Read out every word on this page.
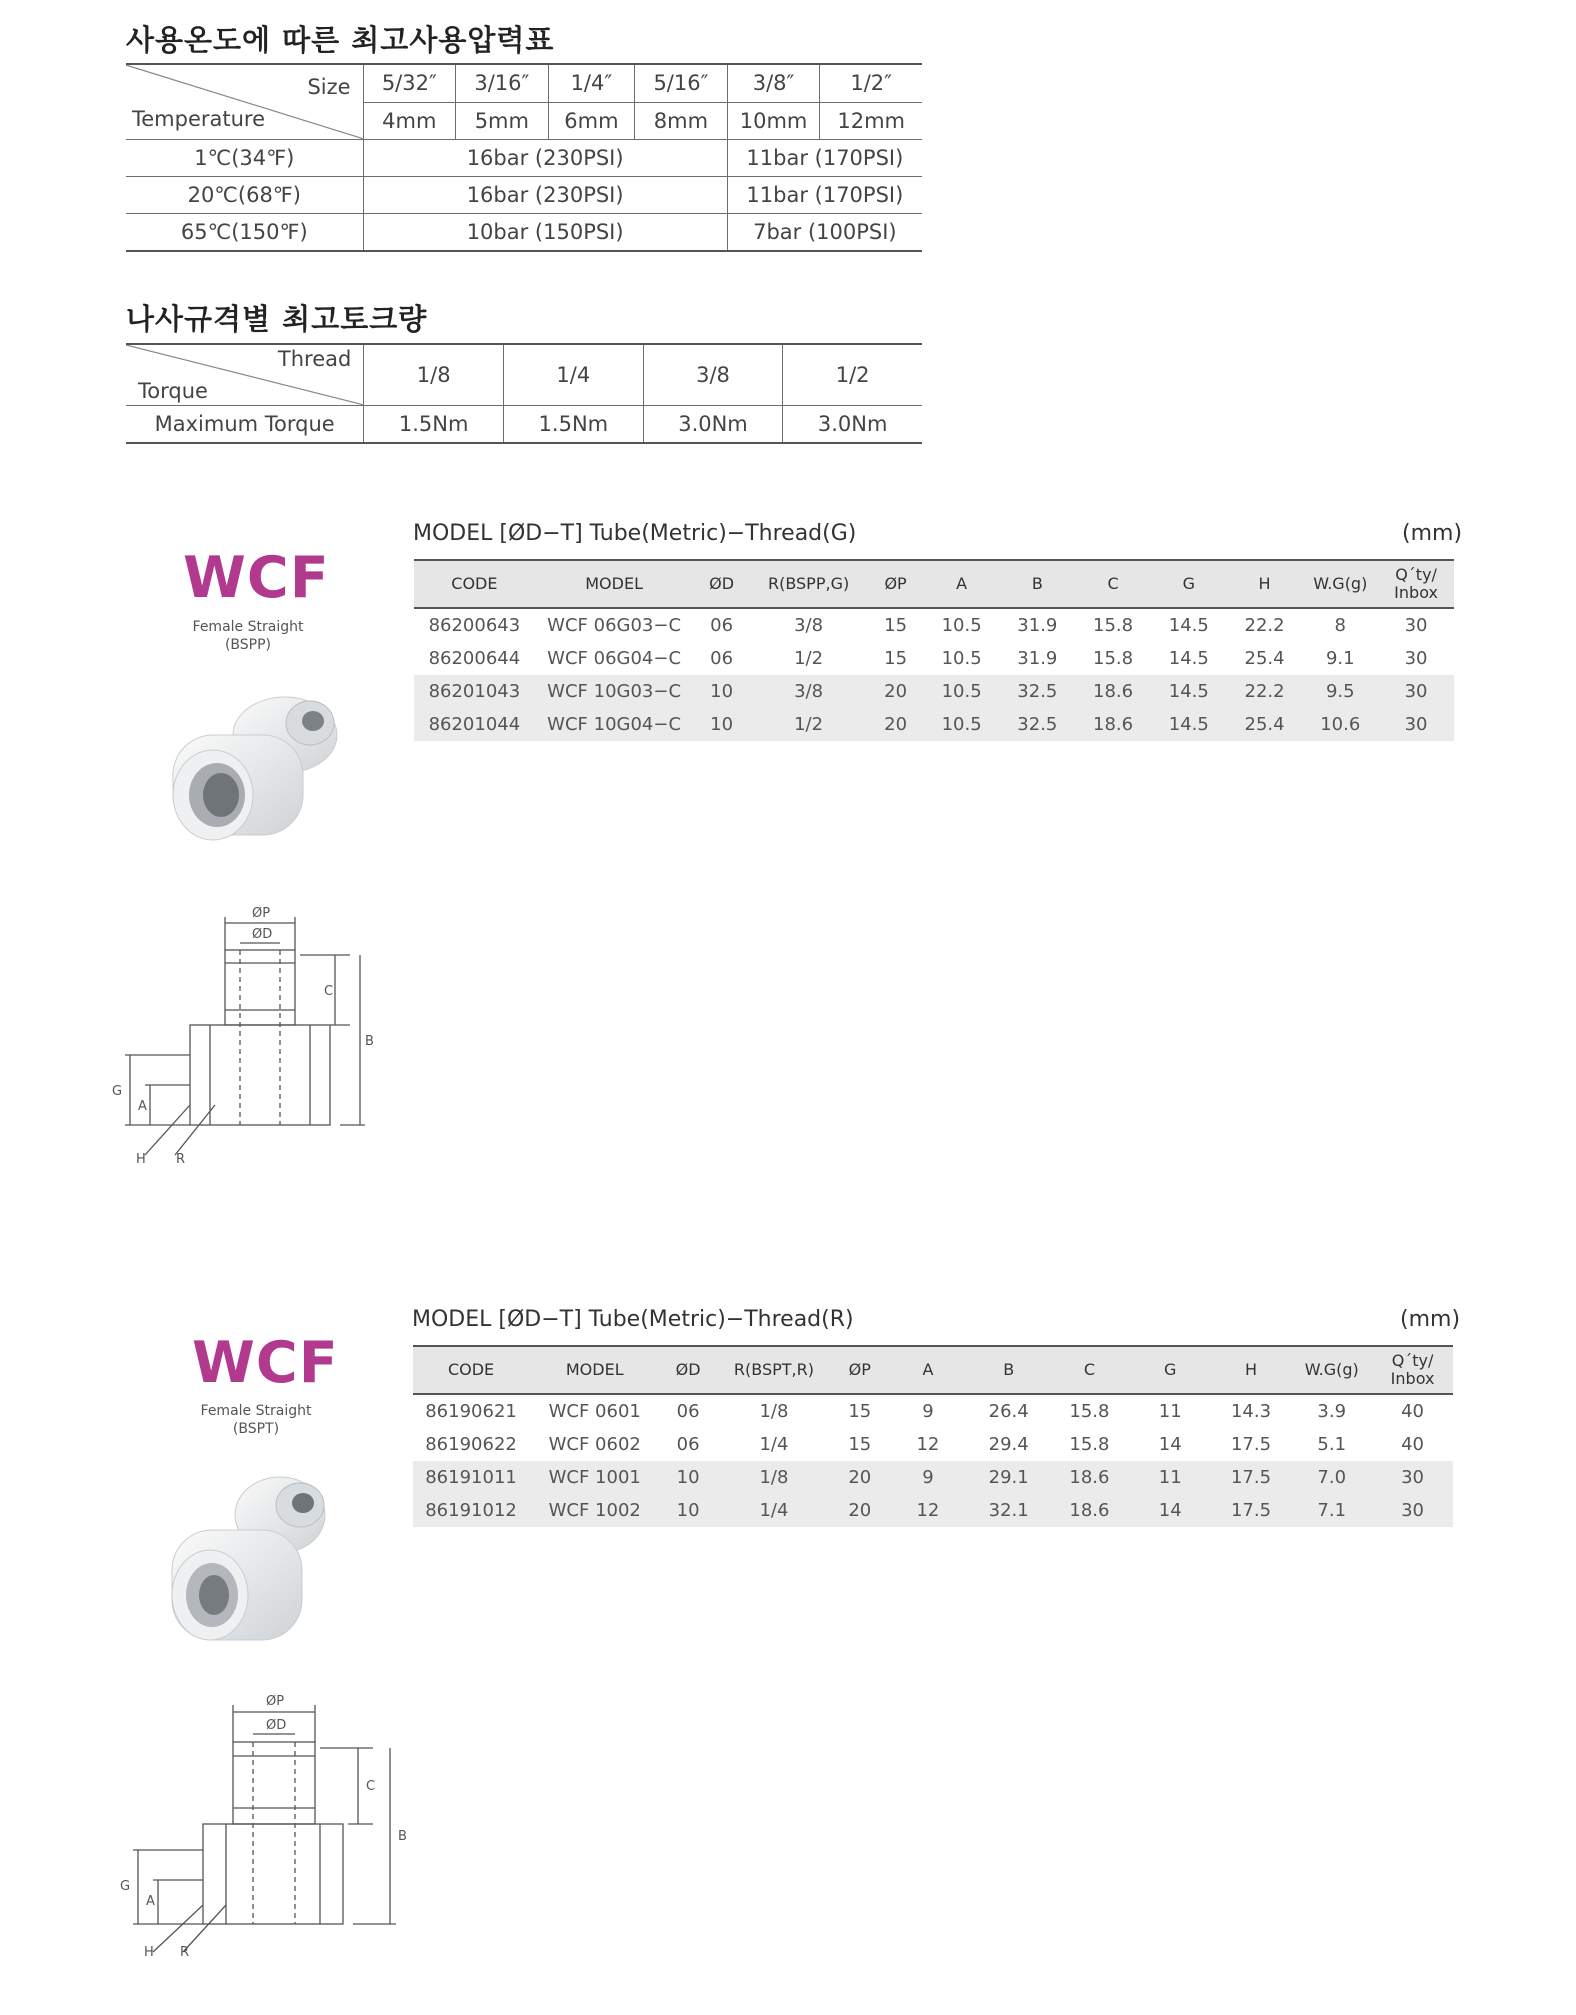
사용온도에 따른 최고사용압력표
Size
Temperature	5/32″	3/16″	1/4″	5/16″	3/8″	1/2″
	4mm	5mm	6mm	8mm	10mm	12mm
1℃(34℉)	16bar (230PSI)				11bar (170PSI)	
20℃(68℉)	16bar (230PSI)				11bar (170PSI)	
65℃(150℉)	10bar (150PSI)				7bar (100PSI)	
나사규격별 최고토크량
Thread
Torque	1/8	1/4	3/8	1/2
Maximum Torque	1.5Nm	1.5Nm	3.0Nm	3.0Nm
WCF
Female Straight
(BSPP)
ØP
ØD
C
B
G
A
H R
MODEL [ØD−T] Tube(Metric)−Thread(G)	(mm)
CODE	MODEL	ØD	R(BSPP,G)	ØP	A	B	C	G	H	W.G(g)	Q´ty/ Inbox
86200643	WCF 06G03−C	06	3/8	15	10.5	31.9	15.8	14.5	22.2	8	30
86200644	WCF 06G04−C	06	1/2	15	10.5	31.9	15.8	14.5	25.4	9.1	30
86201043	WCF 10G03−C	10	3/8	20	10.5	32.5	18.6	14.5	22.2	9.5	30
86201044	WCF 10G04−C	10	1/2	20	10.5	32.5	18.6	14.5	25.4	10.6	30
WCF
Female Straight
(BSPT)
ØP
ØD
C
B
G
A
H R
MODEL [ØD−T] Tube(Metric)−Thread(R)	(mm)
CODE	MODEL	ØD	R(BSPT,R)	ØP	A	B	C	G	H	W.G(g)	Q´ty/ Inbox
86190621	WCF 0601	06	1/8	15	9	26.4	15.8	11	14.3	3.9	40
86190622	WCF 0602	06	1/4	15	12	29.4	15.8	14	17.5	5.1	40
86191011	WCF 1001	10	1/8	20	9	29.1	18.6	11	17.5	7.0	30
86191012	WCF 1002	10	1/4	20	12	32.1	18.6	14	17.5	7.1	30
